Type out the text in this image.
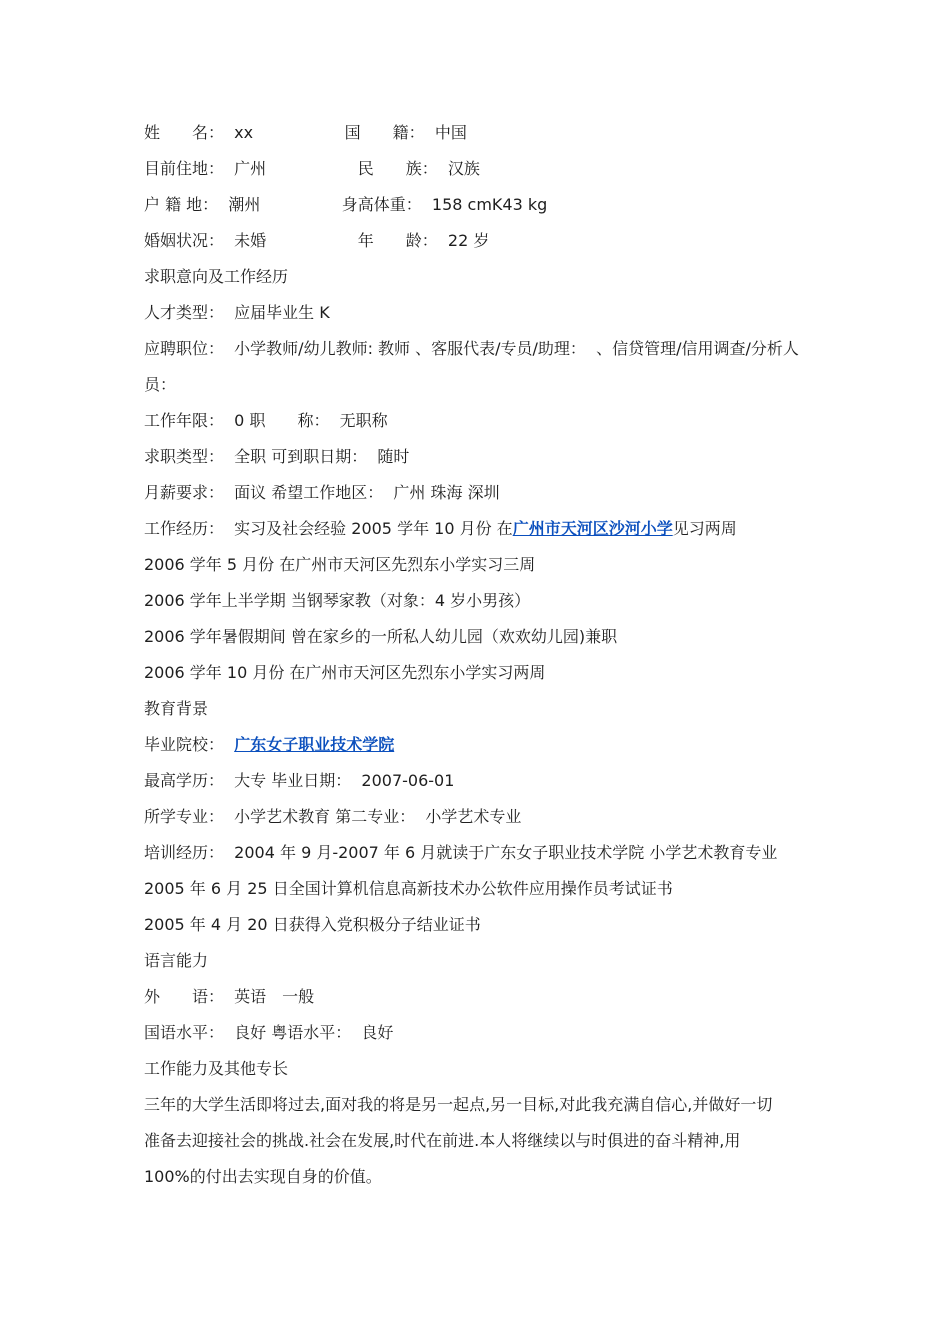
姓　　名：  xx                  国　　籍：  中国
目前住地：  广州                  民　　族：  汉族
户 籍 地：  潮州                身高体重：  158 cmK43 kg
婚姻状况：  未婚                  年　　龄：  22 岁
求职意向及工作经历
人才类型：  应届毕业生 K
应聘职位：  小学教师/幼儿教师: 教师 、客服代表/专员/助理：  、信贷管理/信用调查/分析人
员：
工作年限：  0 职　　称：  无职称
求职类型：  全职 可到职日期：  随时
月薪要求：  面议 希望工作地区：  广州 珠海 深圳
工作经历：  实习及社会经验 2005 学年 10 月份 在广州市天河区沙河小学见习两周
2006 学年 5 月份 在广州市天河区先烈东小学实习三周
2006 学年上半学期 当钢琴家教（对象：4 岁小男孩）
2006 学年暑假期间 曾在家乡的一所私人幼儿园（欢欢幼儿园)兼职
2006 学年 10 月份 在广州市天河区先烈东小学实习两周
教育背景
毕业院校：  广东女子职业技术学院
最高学历：  大专 毕业日期：  2007-06-01
所学专业：  小学艺术教育 第二专业：  小学艺术专业
培训经历：  2004 年 9 月-2007 年 6 月就读于广东女子职业技术学院 小学艺术教育专业
2005 年 6 月 25 日全国计算机信息高新技术办公软件应用操作员考试证书
2005 年 4 月 20 日获得入党积极分子结业证书
语言能力
外　　语：  英语　一般
国语水平：  良好 粤语水平：  良好
工作能力及其他专长
三年的大学生活即将过去,面对我的将是另一起点,另一目标,对此我充满自信心,并做好一切
准备去迎接社会的挑战.社会在发展,时代在前进.本人将继续以与时俱进的奋斗精神,用
100%的付出去实现自身的价值。
